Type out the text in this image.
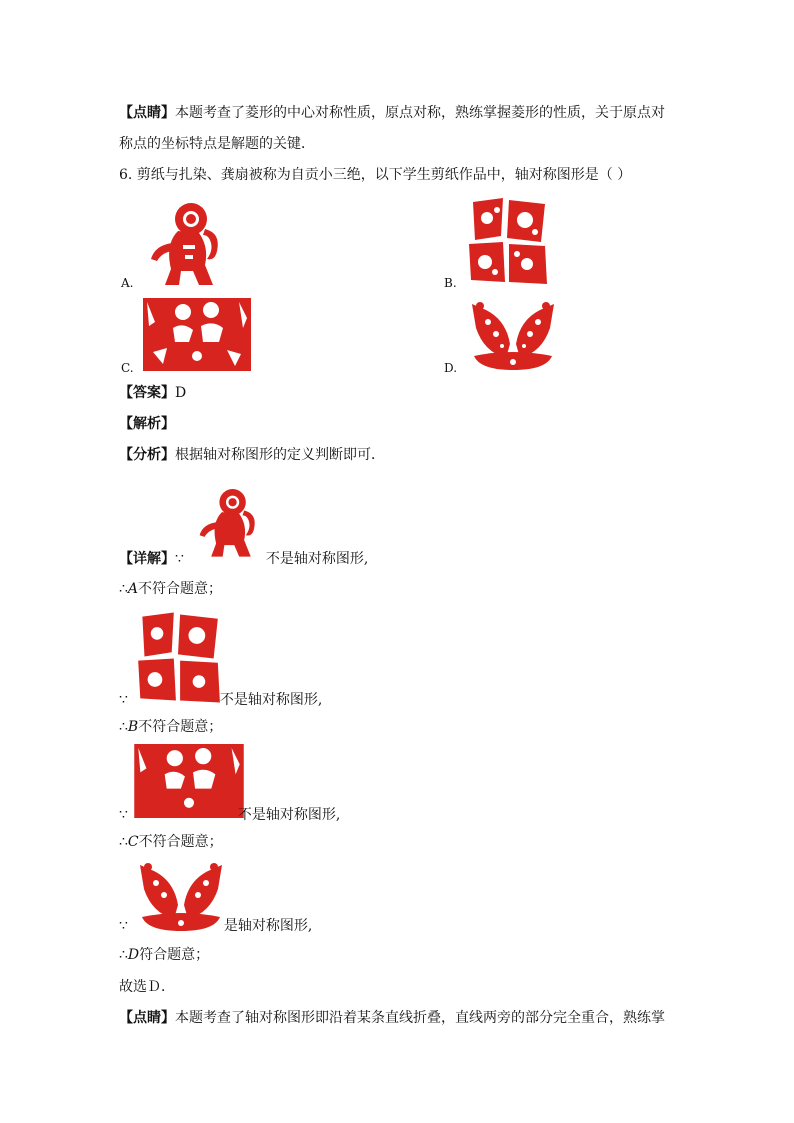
【点睛】本题考查了菱形的中心对称性质，原点对称，熟练掌握菱形的性质，关于原点对
称点的坐标特点是解题的关键．
6. 剪纸与扎染、龚扇被称为自贡小三绝，以下学生剪纸作品中，轴对称图形是（ ）
A.	B.
C.	D.
【答案】D
【解析】
【分析】根据轴对称图形的定义判断即可．
【详解】∵	不是轴对称图形,
∴A不符合题意；
∵	不是轴对称图形,
∴B不符合题意；
∵	不是轴对称图形,
∴C不符合题意；
∵	是轴对称图形,
∴D符合题意；
故选Ｄ．
【点睛】本题考查了轴对称图形即沿着某条直线折叠，直线两旁的部分完全重合，熟练掌
